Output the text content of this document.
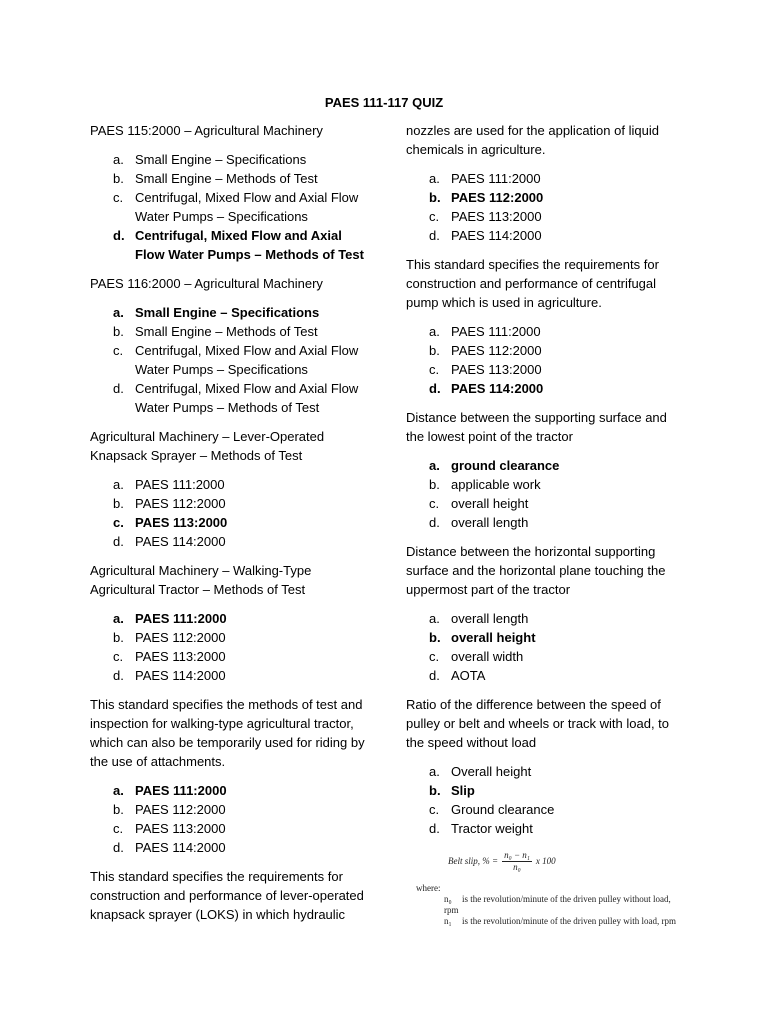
PAES 111-117 QUIZ
PAES 115:2000 – Agricultural Machinery
a. Small Engine – Specifications
b. Small Engine – Methods of Test
c. Centrifugal, Mixed Flow and Axial Flow Water Pumps – Specifications
d. Centrifugal, Mixed Flow and Axial Flow Water Pumps – Methods of Test
PAES 116:2000 – Agricultural Machinery
a. Small Engine – Specifications
b. Small Engine – Methods of Test
c. Centrifugal, Mixed Flow and Axial Flow Water Pumps – Specifications
d. Centrifugal, Mixed Flow and Axial Flow Water Pumps – Methods of Test
Agricultural Machinery – Lever-Operated Knapsack Sprayer – Methods of Test
a. PAES 111:2000
b. PAES 112:2000
c. PAES 113:2000
d. PAES 114:2000
Agricultural Machinery – Walking-Type Agricultural Tractor – Methods of Test
a. PAES 111:2000
b. PAES 112:2000
c. PAES 113:2000
d. PAES 114:2000
This standard specifies the methods of test and inspection for walking-type agricultural tractor, which can also be temporarily used for riding by the use of attachments.
a. PAES 111:2000
b. PAES 112:2000
c. PAES 113:2000
d. PAES 114:2000
This standard specifies the requirements for construction and performance of lever-operated knapsack sprayer (LOKS) in which hydraulic
nozzles are used for the application of liquid chemicals in agriculture.
a. PAES 111:2000
b. PAES 112:2000
c. PAES 113:2000
d. PAES 114:2000
This standard specifies the requirements for construction and performance of centrifugal pump which is used in agriculture.
a. PAES 111:2000
b. PAES 112:2000
c. PAES 113:2000
d. PAES 114:2000
Distance between the supporting surface and the lowest point of the tractor
a. ground clearance
b. applicable work
c. overall height
d. overall length
Distance between the horizontal supporting surface and the horizontal plane touching the uppermost part of the tractor
a. overall length
b. overall height
c. overall width
d. AOTA
Ratio of the difference between the speed of pulley or belt and wheels or track with load, to the speed without load
a. Overall height
b. Slip
c. Ground clearance
d. Tractor weight
Belt slip, % = $\frac{\text{n₀ − n₁}}{\text{n₀}}$ x 100
where:
n₀ is the revolution/minute of the driven pulley without load, rpm
n₁ is the revolution/minute of the driven pulley with load, rpm
